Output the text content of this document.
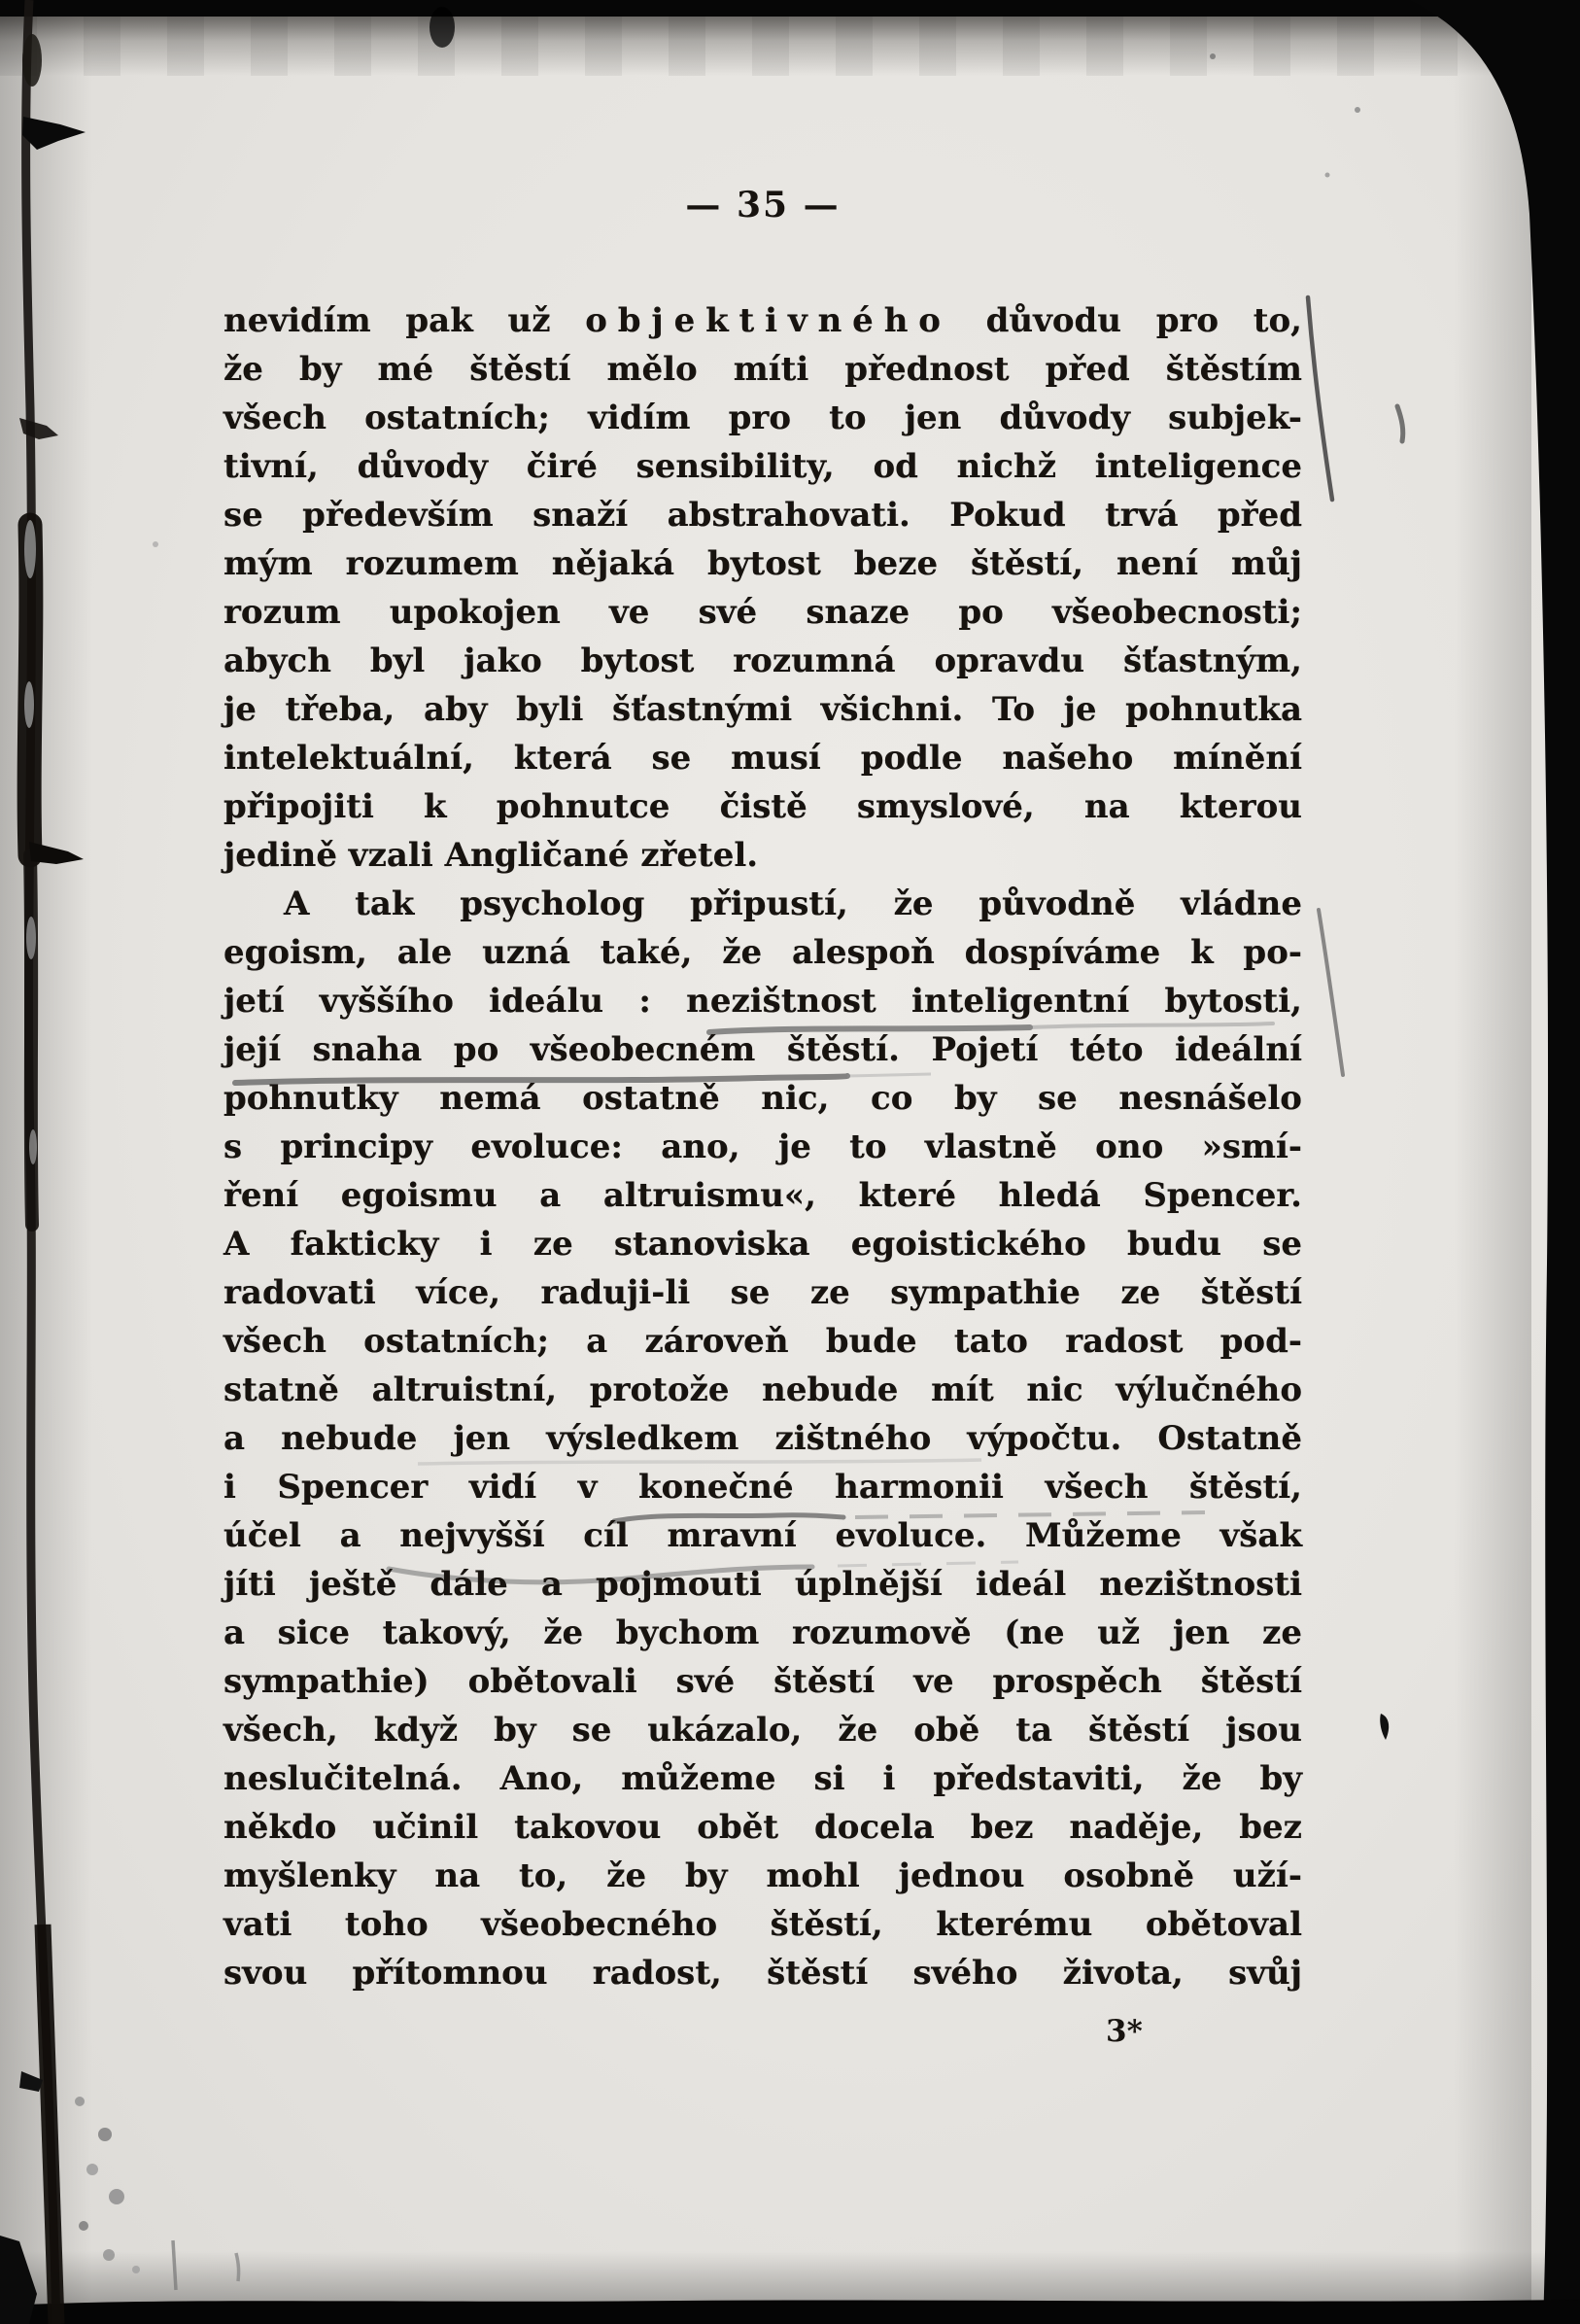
— 35 —
nevidím pak už objektivného důvodu pro to,
že by mé štěstí mělo míti přednost před štěstím
všech ostatních; vidím pro to jen důvody subjek-
tivní, důvody čiré sensibility, od nichž inteligence
se především snaží abstrahovati. Pokud trvá před
mým rozumem nějaká bytost beze štěstí, není můj
rozum upokojen ve své snaze po všeobecnosti;
abych byl jako bytost rozumná opravdu šťastným,
je třeba, aby byli šťastnými všichni. To je pohnutka
intelektuální, která se musí podle našeho mínění
připojiti k pohnutce čistě smyslové, na kterou
jedině vzali Angličané zřetel.
A tak psycholog připustí, že původně vládne
egoism, ale uzná také, že alespoň dospíváme k po-
jetí vyššího ideálu : nezištnost inteligentní bytosti,
její snaha po všeobecném štěstí. Pojetí této ideální
pohnutky nemá ostatně nic, co by se nesnášelo
s principy evoluce: ano, je to vlastně ono »smí-
ření egoismu a altruismu«, které hledá Spencer.
A fakticky i ze stanoviska egoistického budu se
radovati více, raduji-li se ze sympathie ze štěstí
všech ostatních; a zároveň bude tato radost pod-
statně altruistní, protože nebude mít nic výlučného
a nebude jen výsledkem zištného výpočtu. Ostatně
i Spencer vidí v konečné harmonii všech štěstí,
účel a nejvyšší cíl mravní evoluce. Můžeme však
jíti ještě dále a pojmouti úplnější ideál nezištnosti
a sice takový, že bychom rozumově (ne už jen ze
sympathie) obětovali své štěstí ve prospěch štěstí
všech, když by se ukázalo, že obě ta štěstí jsou
neslučitelná. Ano, můžeme si i představiti, že by
někdo učinil takovou obět docela bez naděje, bez
myšlenky na to, že by mohl jednou osobně uží-
vati toho všeobecného štěstí, kterému obětoval
svou přítomnou radost, štěstí svého života, svůj
3*
